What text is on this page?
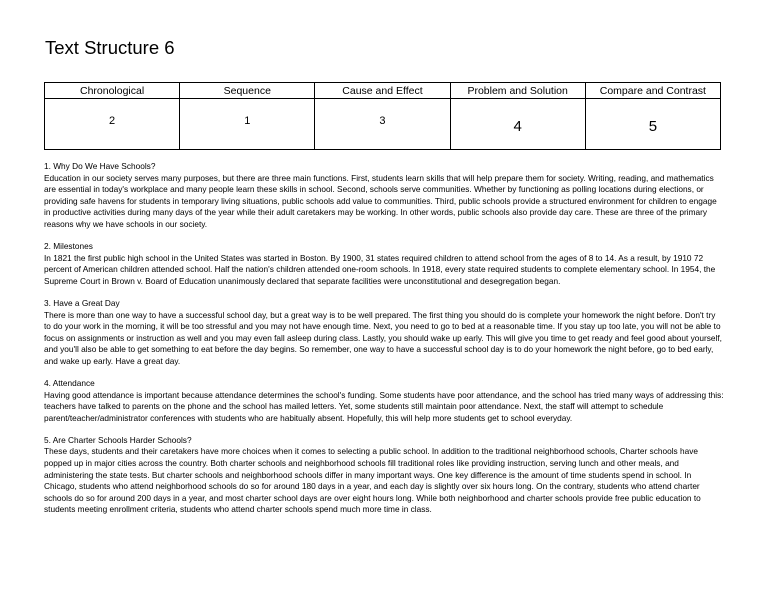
Text Structure 6
Chronological	Sequence	Cause and Effect	Problem and Solution	Compare and Contrast
2	1	3	4	5
1. Why Do We Have Schools?
Education in our society serves many purposes, but there are three main functions. First, students learn skills that will help prepare them for society. Writing, reading, and mathematics are essential in today's workplace and many people learn these skills in school. Second, schools serve communities. Whether by functioning as polling locations during elections, or providing safe havens for students in temporary living situations, public schools add value to communities. Third, public schools provide a structured environment for children to engage in productive activities during many days of the year while their adult caretakers may be working. In other words, public schools also provide day care. These are three of the primary reasons why we have schools in our society.
2. Milestones
In 1821 the first public high school in the United States was started in Boston. By 1900, 31 states required children to attend school from the ages of 8 to 14. As a result, by 1910 72 percent of American children attended school. Half the nation's children attended one-room schools. In 1918, every state required students to complete elementary school. In 1954, the Supreme Court in Brown v. Board of Education unanimously declared that separate facilities were unconstitutional and desegregation began.
3. Have a Great Day
There is more than one way to have a successful school day, but a great way is to be well prepared. The first thing you should do is complete your homework the night before. Don't try to do your work in the morning, it will be too stressful and you may not have enough time. Next, you need to go to bed at a reasonable time. If you stay up too late, you will not be able to focus on assignments or instruction as well and you may even fall asleep during class. Lastly, you should wake up early. This will give you time to get ready and feel good about yourself, and you'll also be able to get something to eat before the day begins. So remember, one way to have a successful school day is to do your homework the night before, go to bed early, and wake up early. Have a great day.
4. Attendance
Having good attendance is important because attendance determines the school's funding. Some students have poor attendance, and the school has tried many ways of addressing this: teachers have talked to parents on the phone and the school has mailed letters. Yet, some students still maintain poor attendance. Next, the staff will attempt to schedule parent/teacher/administrator conferences with students who are habitually absent. Hopefully, this will help more students get to school everyday.
5. Are Charter Schools Harder Schools?
These days, students and their caretakers have more choices when it comes to selecting a public school. In addition to the traditional neighborhood schools, Charter schools have popped up in major cities across the country. Both charter schools and neighborhood schools fill traditional roles like providing instruction, serving lunch and other meals, and administering the state tests. But charter schools and neighborhood schools differ in many important ways. One key difference is the amount of time students spend in school. In Chicago, students who attend neighborhood schools do so for around 180 days in a year, and each day is slightly over six hours long. On the contrary, students who attend charter schools do so for around 200 days in a year, and most charter school days are over eight hours long. While both neighborhood and charter schools provide free public education to students meeting enrollment criteria, students who attend charter schools spend much more time in class.
